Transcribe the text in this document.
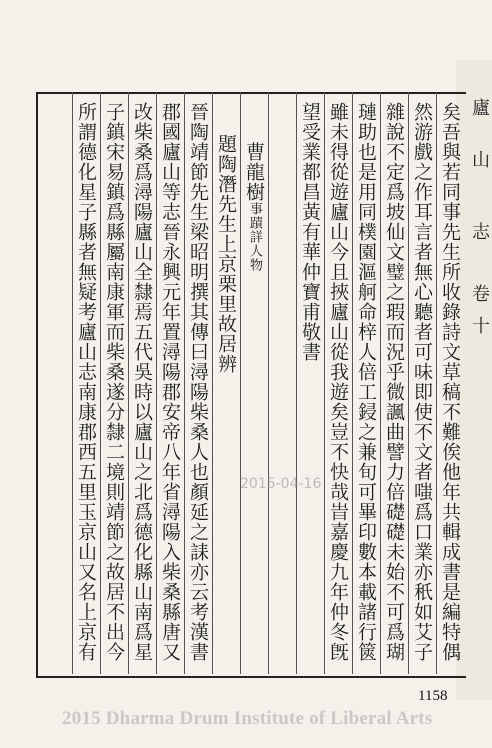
矣吾與若同事先生所收錄詩文草稿不難俟他年共輯成書是編特偶
然游戲之作耳言者無心聽者可味即使不文者嗤爲口業亦秖如艾子
雜說不定爲坡仙文璧之瑕而況乎微諷曲譬力倍礎礎未始不可爲瑚
璉助也是用同樸園漚舸命梓人倍工鋟之兼旬可畢印數本載諸行篋
雖未得從遊廬山今且挾廬山從我遊矣豈不快哉旹嘉慶九年仲冬旣
望受業都昌黃有華仲寶甫敬書
曹龍樹事蹟詳人物
題陶潛先生上京栗里故居辨
晉陶靖節先生梁昭明撰其傳曰潯陽柴桑人也顏延之誄亦云考漢書
郡國廬山等志晉永興元年置潯陽郡安帝八年省潯陽入柴桑縣唐又
改柴桑爲潯陽廬山全隸焉五代吳時以廬山之北爲德化縣山南爲星
子鎮宋易鎮爲縣屬南康軍而柴桑遂分隸二境則靖節之故居不出今
所謂德化星子縣者無疑考廬山志南康郡西五里玉京山又名上京有	廬
山
志
卷
十
2015-04-16
1158
2015 Dharma Drum Institute of Liberal Arts
